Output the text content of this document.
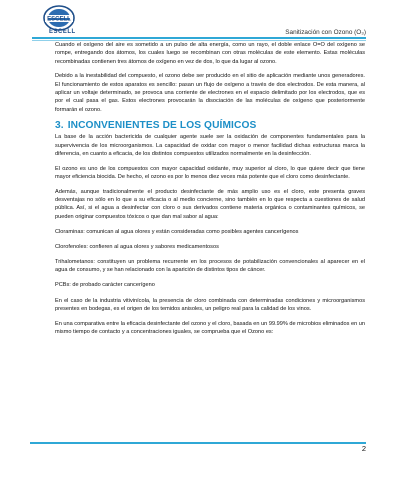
ESCELL
ESCELL	Sanitización con Ozono (O₃)

Cuando el oxígeno del aire es sometido a un pulso de alta energía, como un rayo, el doble enlace O=O del oxígeno se rompe, entregando dos átomos, los cuales luego se recombinan con otras moléculas de este elemento. Estas moléculas recombinadas contienen tres átomos de oxígeno en vez de dos, lo que da lugar al ozono.

Debido a la inestabilidad del compuesto, el ozono debe ser producido en el sitio de aplicación mediante unos generadores. El funcionamiento de estos aparatos es sencillo: pasan un flujo de oxígeno a través de dos electrodos. De esta manera, al aplicar un voltaje determinado, se provoca una corriente de electrones en el espacio delimitado por los electrodos, que es por el cual pasa el gas. Estos electrones provocarán la disociación de las moléculas de oxígeno que posteriormente formarán el ozono.

3. INCONVENIENTES DE LOS QUÍMICOS

La base de la acción bactericida de cualquier agente suele ser la oxidación de componentes fundamentales para la supervivencia de los microorganismos. La capacidad de oxidar con mayor o menor facilidad dichas estructuras marca la diferencia, en cuanto a eficacia, de los distintos compuestos utilizados normalmente en la desinfección.

El ozono es uno de los compuestos con mayor capacidad oxidante, muy superior al cloro, lo que quiere decir que tiene mayor eficiencia biocida. De hecho, el ozono es por lo menos diez veces más potente que el cloro como desinfectante.

Además, aunque tradicionalmente el producto desinfectante de más amplio uso es el cloro, este presenta graves desventajas no sólo en lo que a su eficacia o al medio concierne, sino también en lo que respecta a cuestiones de salud pública. Así, si el agua a desinfectar con cloro o sus derivados contiene materia orgánica o contaminantes químicos, se pueden originar compuestos tóxicos o que dan mal sabor al agua:

Cloraminas: comunican al agua olores y están consideradas como posibles agentes cancerígenos

Clorofenoles: confieren al agua olores y sabores medicamentosos

Trihalometanos: constituyen un problema recurrente en los procesos de potabilización convencionales al aparecer en el agua de consumo, y se han relacionado con la aparición de distintos tipos de cáncer.

PCBs: de probado carácter cancerígeno

En el caso de la industria vitivinícola, la presencia de cloro combinada con determinadas condiciones y microorganismos presentes en bodegas, es el origen de los temidos anisoles, un peligro real para la calidad de los vinos.

En una comparativa entre la eficacia desinfectante del ozono y el cloro, basada en un 99.99% de microbios eliminados en un mismo tiempo de contacto y a concentraciones iguales, se comprueba que el Ozono es:

2
